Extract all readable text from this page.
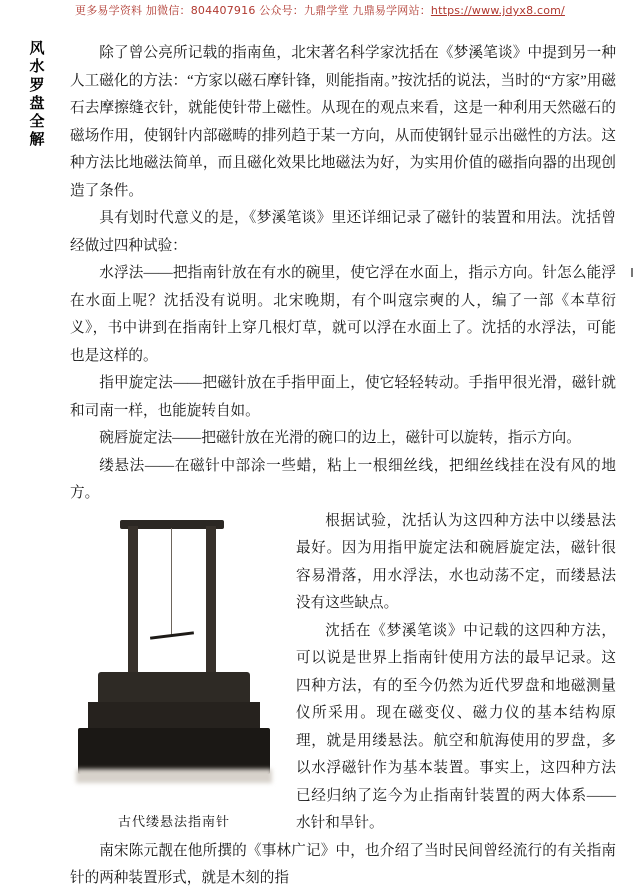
更多易学资料 加微信：804407916 公众号：九鼎学堂 九鼎易学网站：https://www.jdyx8.com/
风
水
罗
盘
全
解

除了曾公亮所记载的指南鱼，北宋著名科学家沈括在《梦溪笔谈》中提到另一种人工磁化的方法：“方家以磁石摩针锋，则能指南。”按沈括的说法，当时的“方家”用磁石去摩擦缝衣针，就能使针带上磁性。从现在的观点来看，这是一种利用天然磁石的磁场作用，使钢针内部磁畴的排列趋于某一方向，从而使钢针显示出磁性的方法。这种方法比地磁法简单，而且磁化效果比地磁法为好，为实用价值的磁指向器的出现创造了条件。

具有划时代意义的是，《梦溪笔谈》里还详细记录了磁针的装置和用法。沈括曾经做过四种试验：

水浮法——把指南针放在有水的碗里，使它浮在水面上，指示方向。针怎么能浮在水面上呢？沈括没有说明。北宋晚期，有个叫寇宗奭的人，编了一部《本草衍义》，书中讲到在指南针上穿几根灯草，就可以浮在水面上了。沈括的水浮法，可能也是这样的。

指甲旋定法——把磁针放在手指甲面上，使它轻轻转动。手指甲很光滑，磁针就和司南一样，也能旋转自如。

碗唇旋定法——把磁针放在光滑的碗口的边上，磁针可以旋转，指示方向。

缕悬法——在磁针中部涂一些蜡，粘上一根细丝线，把细丝线挂在没有风的地方。

古代缕悬法指南针

根据试验，沈括认为这四种方法中以缕悬法最好。因为用指甲旋定法和碗唇旋定法，磁针很容易滑落，用水浮法，水也动荡不定，而缕悬法没有这些缺点。

沈括在《梦溪笔谈》中记载的这四种方法，可以说是世界上指南针使用方法的最早记录。这四种方法，有的至今仍然为近代罗盘和地磁测量仪所采用。现在磁变仪、磁力仪的基本结构原理，就是用缕悬法。航空和航海使用的罗盘，多以水浮磁针作为基本装置。事实上，这四种方法已经归纳了迄今为止指南针装置的两大体系——水针和旱针。

南宋陈元靓在他所撰的《事林广记》中，也介绍了当时民间曾经流行的有关指南针的两种装置形式，就是木刻的指
